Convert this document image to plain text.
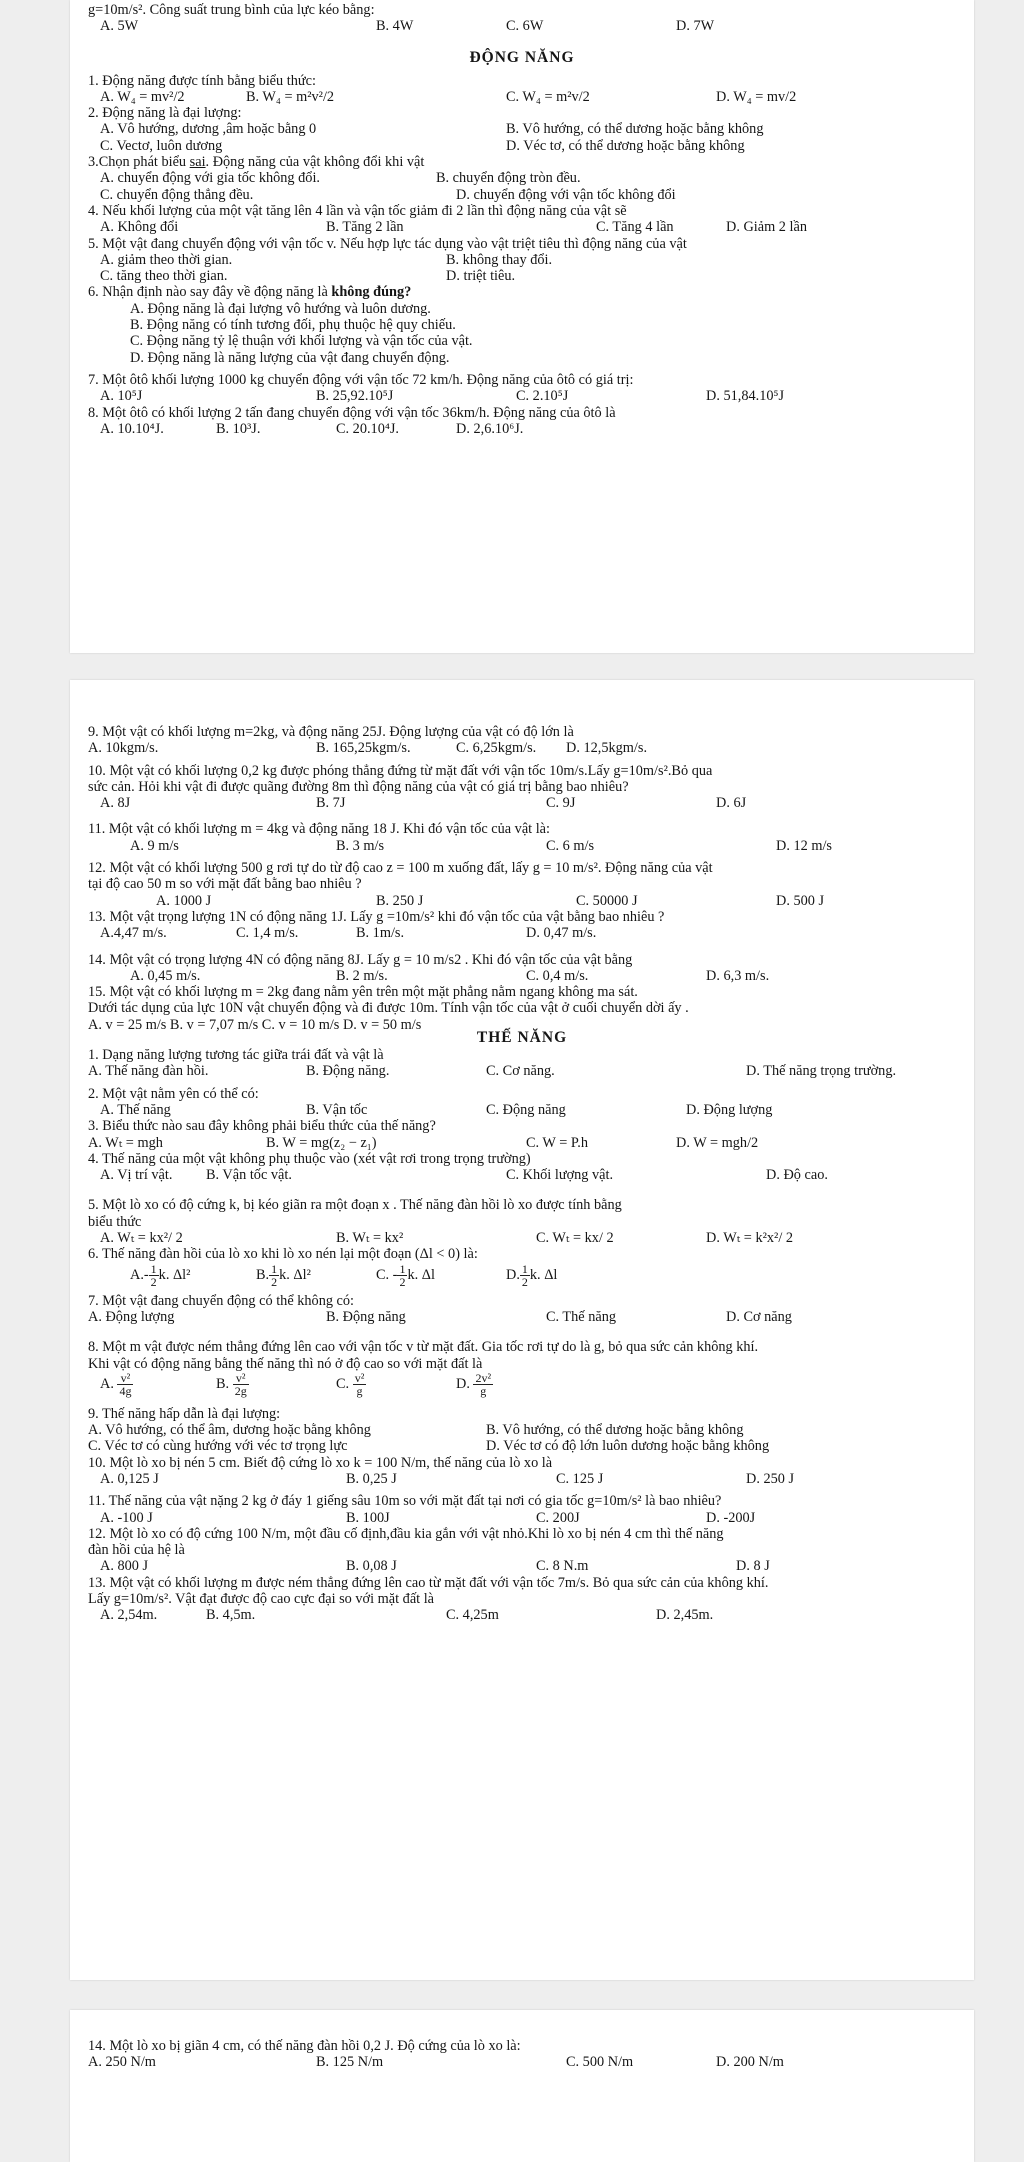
g=10m/s². Công suất trung bình của lực kéo bằng:
A. 5W	B. 4W	C. 6W	D. 7W
ĐỘNG NĂNG
1. Động năng được tính bằng biểu thức:
A. W₄ = mv²/2	B. W₄ = m²v²/2	C. W₄ = m²v/2	D. W₄ = mv/2
2. Động năng là đại lượng:
A. Vô hướng, dương ,âm hoặc bằng 0	B. Vô hướng, có thể dương hoặc bằng không
C. Vectơ, luôn dương	D. Véc tơ, có thể dương hoặc bằng không
3.Chọn phát biểu sai. Động năng của vật không đổi khi vật
A. chuyển động với gia tốc không đổi.	B. chuyển động tròn đều.
C. chuyển động thẳng đều.	D. chuyển động với vận tốc không đổi
4. Nếu khối lượng của một vật tăng lên 4 lần và vận tốc giảm đi 2 lần thì động năng của vật sẽ
A. Không đổi	B. Tăng 2 lần	C. Tăng 4 lần	D. Giảm 2 lần
5. Một vật đang chuyển động với vận tốc v. Nếu hợp lực tác dụng vào vật triệt tiêu thì động năng của vật
A. giảm theo thời gian.	B. không thay đổi.
C. tăng theo thời gian.	D. triệt tiêu.
6. Nhận định nào say đây về động năng là không đúng?
A. Động năng là đại lượng vô hướng và luôn dương.
B. Động năng có tính tương đối, phụ thuộc hệ quy chiếu.
C. Động năng tỷ lệ thuận với khối lượng và vận tốc của vật.
D. Động năng là năng lượng của vật đang chuyển động.
7. Một ôtô khối lượng 1000 kg chuyển động với vận tốc 72 km/h. Động năng của ôtô có giá trị:
A. 10⁵J	B. 25,92.10⁵J	C. 2.10⁵J	D. 51,84.10⁵J
8. Một ôtô có khối lượng 2 tấn đang chuyển động với vận tốc 36km/h. Động năng của ôtô là
A. 10.10⁴J.	B. 10³J.	C. 20.10⁴J.	D. 2,6.10⁶J.
9. Một vật có khối lượng m=2kg, và động năng 25J. Động lượng của vật có độ lớn là
A. 10kgm/s.	B. 165,25kgm/s.	C. 6,25kgm/s. D. 12,5kgm/s.
10. Một vật có khối lượng 0,2 kg được phóng thẳng đứng từ mặt đất với vận tốc 10m/s.Lấy g=10m/s².Bỏ qua
sức cản. Hỏi khi vật đi được quãng đường 8m thì động năng của vật có giá trị bằng bao nhiêu?
A. 8J	B. 7J	C. 9J	D. 6J
11. Một vật có khối lượng m = 4kg và động năng 18 J. Khi đó vận tốc của vật là:
A. 9 m/s	B. 3 m/s	C. 6 m/s	D. 12 m/s
12. Một vật có khối lượng 500 g rơi tự do từ độ cao z = 100 m xuống đất, lấy g = 10 m/s². Động năng của vật
tại độ cao 50 m so với mặt đất bằng bao nhiêu ?
A. 1000 J	B. 250 J	C. 50000 J	D. 500 J
13. Một vật trọng lượng 1N có động năng 1J. Lấy g =10m/s² khi đó vận tốc của vật bằng bao nhiêu ?
A.4,47 m/s.	C. 1,4 m/s.	B. 1m/s.	D. 0,47 m/s.
14. Một vật có trọng lượng 4N có động năng 8J. Lấy g = 10 m/s2 . Khi đó vận tốc của vật bằng
A. 0,45 m/s.	B. 2 m/s.	C. 0,4 m/s.	D. 6,3 m/s.
15. Một vật có khối lượng m = 2kg đang nằm yên trên một mặt phẳng nằm ngang không ma sát.
Dưới tác dụng của lực 10N vật chuyển động và đi được 10m. Tính vận tốc của vật ở cuối chuyển dời ấy .
A. v = 25 m/s B. v = 7,07 m/s C. v = 10 m/s D. v = 50 m/s
THẾ NĂNG
1. Dạng năng lượng tương tác giữa trái đất và vật là
A. Thế năng đàn hồi.	B. Động năng.	C. Cơ năng.	D. Thế năng trọng trường.
2. Một vật nằm yên có thể có:
A. Thế năng	B. Vận tốc	C. Động năng	D. Động lượng
3. Biểu thức nào sau đây không phải biểu thức của thế năng?
A. Wₜ = mgh	B. W = mg(z₂ − z₁)	C. W = P.h	D. W = mgh/2
4. Thế năng của một vật không phụ thuộc vào (xét vật rơi trong trọng trường)
A. Vị trí vật. B. Vận tốc vật.	C. Khối lượng vật.	D. Độ cao.
5. Một lò xo có độ cứng k, bị kéo giãn ra một đoạn x . Thế năng đàn hồi lò xo được tính bằng
biểu thức
A. Wₜ = kx²/ 2	B. Wₜ = kx²	C. Wₜ = kx/ 2	D. Wₜ = k²x²/ 2
6. Thế năng đàn hồi của lò xo khi lò xo nén lại một đoạn (Δl < 0) là:
$A.- \frac{1}{2} k$. Δl²	B. $\frac{1}{2} k$. Δl²	C. - $\frac{1}{2} k$. Δl	D. $\frac{1}{2} k$. Δl
7. Một vật đang chuyển động có thể không có:
A. Động lượng	B. Động năng	C. Thế năng	D. Cơ năng
8. Một m vật được ném thẳng đứng lên cao với vận tốc v từ mặt đất. Gia tốc rơi tự do là g, bỏ qua sức cản không khí.
Khi vật có động năng bằng thế năng thì nó ở độ cao so với mặt đất là
A. $\frac{\text{v²}}{4g}$	B. $\frac{\text{v²}}{2g}$	C. $\frac{\text{v²}}{g}$	D. $\frac{\text{2v²}}{g}$
9. Thế năng hấp dẫn là đại lượng:
A. Vô hướng, có thể âm, dương hoặc bằng không	B. Vô hướng, có thể dương hoặc bằng không
C. Véc tơ có cùng hướng với véc tơ trọng lực	D. Véc tơ có độ lớn luôn dương hoặc bằng không
10. Một lò xo bị nén 5 cm. Biết độ cứng lò xo k = 100 N/m, thế năng của lò xo là
A. 0,125 J	B. 0,25 J	C. 125 J	D. 250 J
11. Thế năng của vật nặng 2 kg ở đáy 1 giếng sâu 10m so với mặt đất tại nơi có gia tốc g=10m/s² là bao nhiêu?
A. -100 J	B. 100J	C. 200J	D. -200J
12. Một lò xo có độ cứng 100 N/m, một đầu cố định,đầu kia gắn với vật nhỏ.Khi lò xo bị nén 4 cm thì thế năng
đàn hồi của hệ là
A. 800 J	B. 0,08 J	C. 8 N.m	D. 8 J
13. Một vật có khối lượng m được ném thẳng đứng lên cao từ mặt đất với vận tốc 7m/s. Bỏ qua sức cản của không khí.
Lấy g=10m/s². Vật đạt được độ cao cực đại so với mặt đất là
A. 2,54m.	B. 4,5m.	C. 4,25m	D. 2,45m.
14. Một lò xo bị giãn 4 cm, có thế năng đàn hồi 0,2 J. Độ cứng của lò xo là:
A. 250 N/m	B. 125 N/m	C. 500 N/m	D. 200 N/m
